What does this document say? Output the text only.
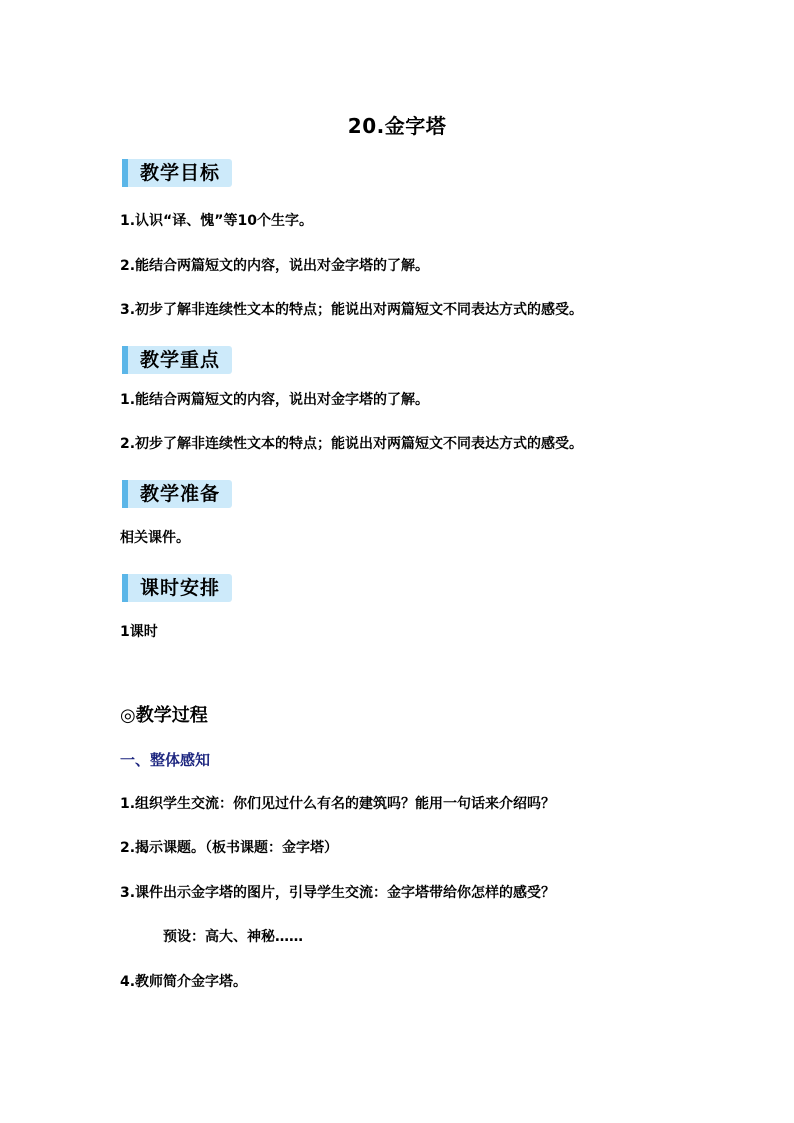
20.金字塔
教学目标
1.认识“译、愧”等10个生字。
2.能结合两篇短文的内容，说出对金字塔的了解。
3.初步了解非连续性文本的特点；能说出对两篇短文不同表达方式的感受。
教学重点
1.能结合两篇短文的内容，说出对金字塔的了解。
2.初步了解非连续性文本的特点；能说出对两篇短文不同表达方式的感受。
教学准备
相关课件。
课时安排
1课时
◎教学过程
一、整体感知
1.组织学生交流：你们见过什么有名的建筑吗？能用一句话来介绍吗？
2.揭示课题。（板书课题：金字塔）
3.课件出示金字塔的图片，引导学生交流：金字塔带给你怎样的感受？
预设：高大、神秘……
4.教师简介金字塔。
